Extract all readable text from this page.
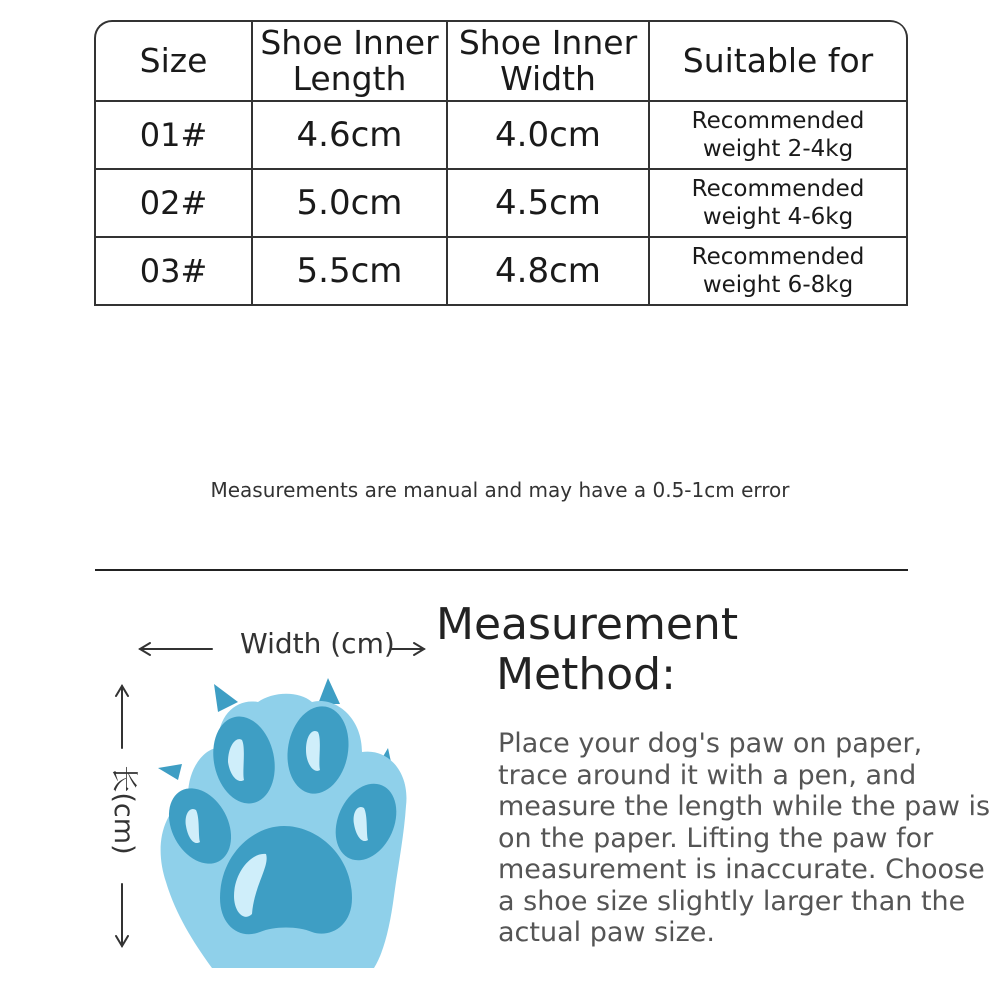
Size	Shoe Inner Length	Shoe Inner Width	Suitable for
01#	4.6cm	4.0cm	Recommended weight 2-4kg
02#	5.0cm	4.5cm	Recommended weight 4-6kg
03#	5.5cm	4.8cm	Recommended weight 6-8kg
Measurements are manual and may have a 0.5-1cm error
Measurement Method:
Place your dog's paw on paper, trace around it with a pen, and measure the length while the paw is on the paper. Lifting the paw for measurement is inaccurate. Choose a shoe size slightly larger than the actual paw size.
Width (cm)
长(cm)
